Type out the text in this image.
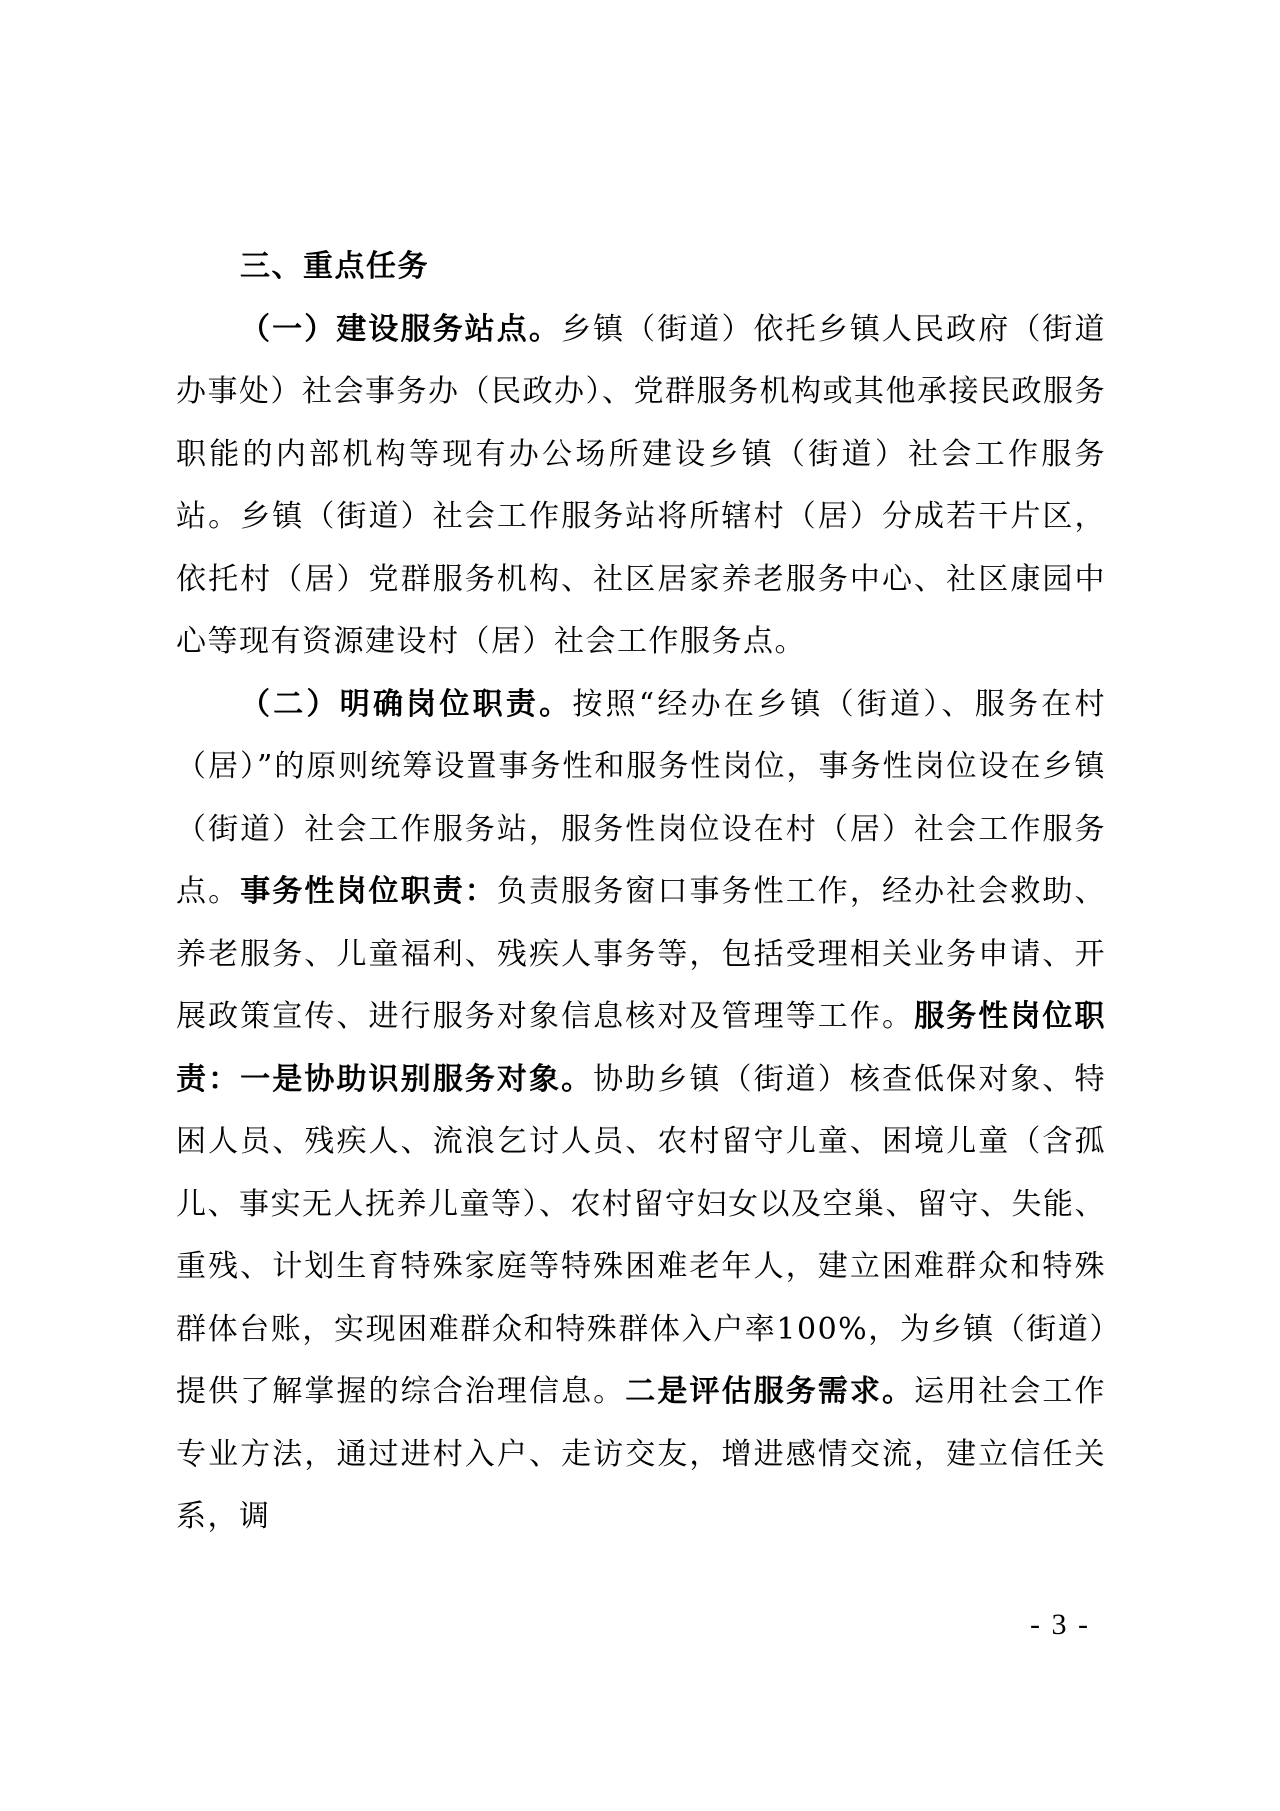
三、重点任务

（一）建设服务站点。乡镇（街道）依托乡镇人民政府（街道办事处）社会事务办（民政办）、党群服务机构或其他承接民政服务职能的内部机构等现有办公场所建设乡镇（街道）社会工作服务站。乡镇（街道）社会工作服务站将所辖村（居）分成若干片区，依托村（居）党群服务机构、社区居家养老服务中心、社区康园中心等现有资源建设村（居）社会工作服务点。

（二）明确岗位职责。按照“经办在乡镇（街道）、服务在村（居）”的原则统筹设置事务性和服务性岗位，事务性岗位设在乡镇（街道）社会工作服务站，服务性岗位设在村（居）社会工作服务点。事务性岗位职责：负责服务窗口事务性工作，经办社会救助、养老服务、儿童福利、残疾人事务等，包括受理相关业务申请、开展政策宣传、进行服务对象信息核对及管理等工作。服务性岗位职责：一是协助识别服务对象。协助乡镇（街道）核查低保对象、特困人员、残疾人、流浪乞讨人员、农村留守儿童、困境儿童（含孤儿、事实无人抚养儿童等）、农村留守妇女以及空巢、留守、失能、重残、计划生育特殊家庭等特殊困难老年人，建立困难群众和特殊群体台账，实现困难群众和特殊群体入户率100%，为乡镇（街道）提供了解掌握的综合治理信息。二是评估服务需求。运用社会工作专业方法，通过进村入户、走访交友，增进感情交流，建立信任关系，调

- 3 -
